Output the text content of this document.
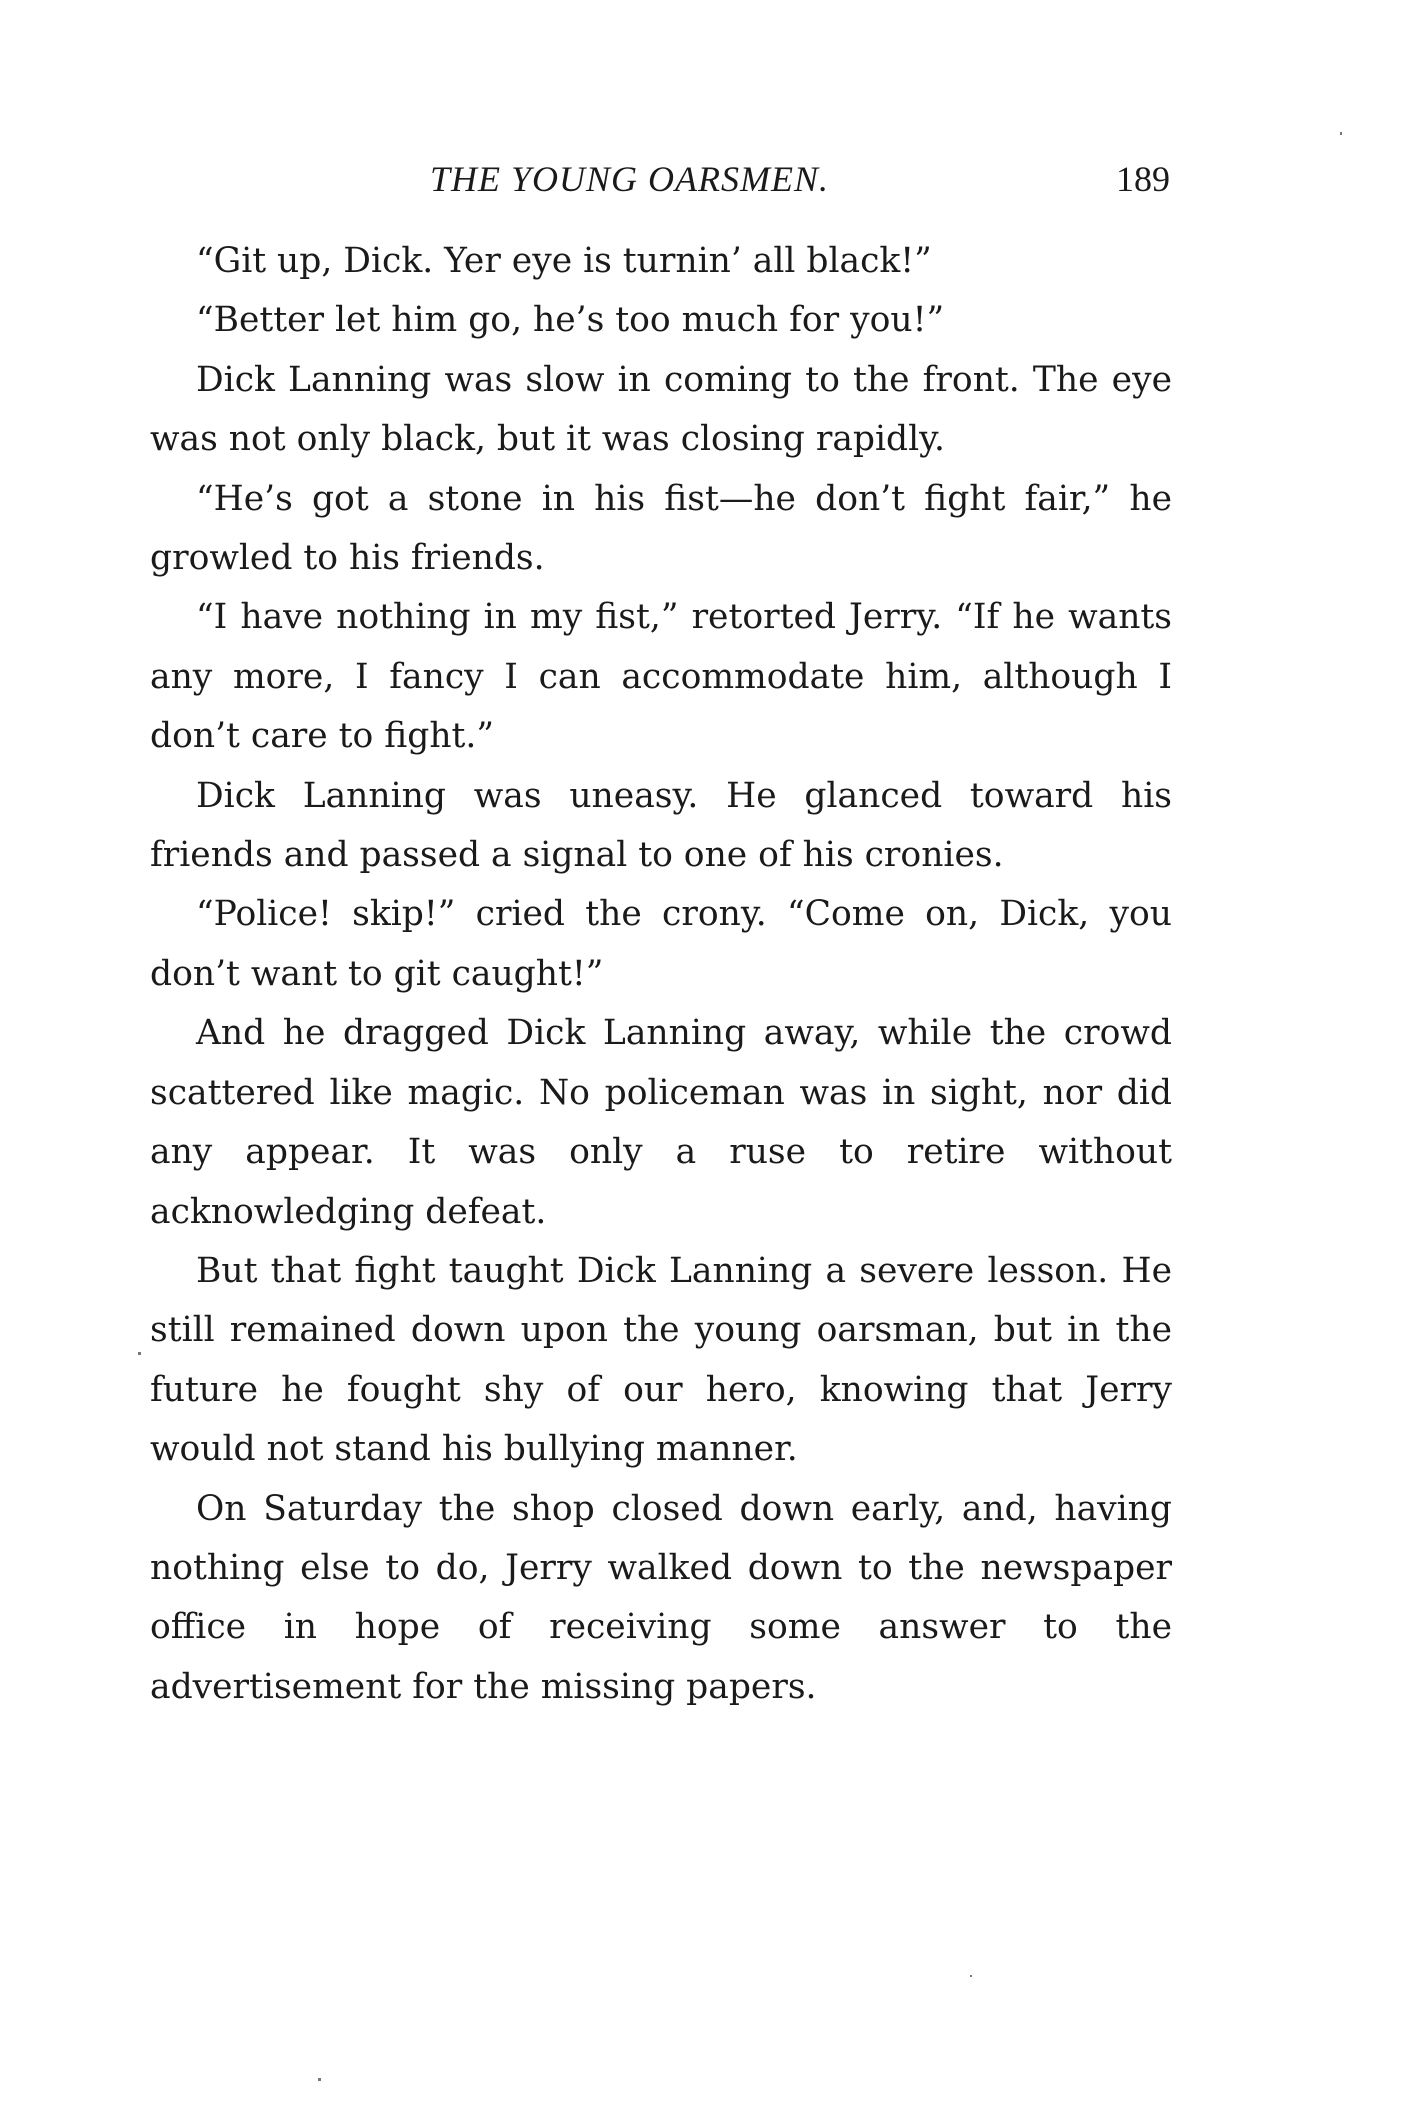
THE YOUNG OARSMEN.	189

“Git up, Dick. Yer eye is turnin’ all black!”

“Better let him go, he’s too much for you!”

Dick Lanning was slow in coming to the front. The eye was not only black, but it was closing rapidly.

“He’s got a stone in his fist—he don’t fight fair,” he growled to his friends.

“I have nothing in my fist,” retorted Jerry. “If he wants any more, I fancy I can accommodate him, although I don’t care to fight.”

Dick Lanning was uneasy. He glanced toward his friends and passed a signal to one of his cronies.

“Police! skip!” cried the crony. “Come on, Dick, you don’t want to git caught!”

And he dragged Dick Lanning away, while the crowd scattered like magic. No policeman was in sight, nor did any appear. It was only a ruse to retire without acknowledging defeat.

But that fight taught Dick Lanning a severe lesson. He still remained down upon the young oarsman, but in the future he fought shy of our hero, knowing that Jerry would not stand his bullying manner.

On Saturday the shop closed down early, and, having nothing else to do, Jerry walked down to the newspaper office in hope of receiving some answer to the advertisement for the missing papers.
